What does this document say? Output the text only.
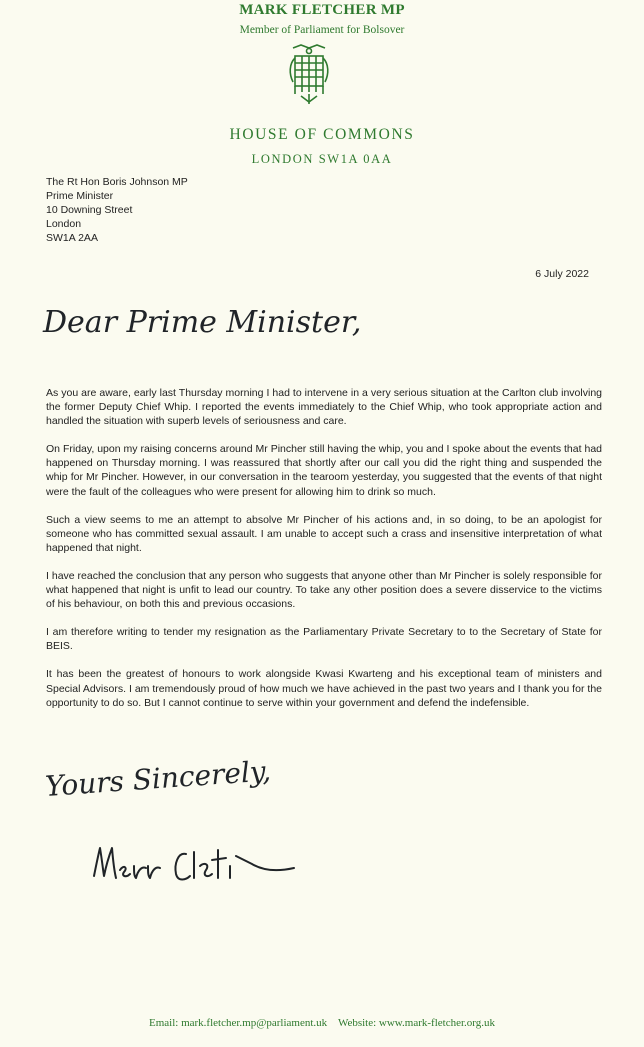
MARK FLETCHER MP
Member of Parliament for Bolsover
HOUSE OF COMMONS
LONDON SW1A 0AA
The Rt Hon Boris Johnson MP
Prime Minister
10 Downing Street
London
SW1A 2AA
6 July 2022
Dear Prime Minister,

As you are aware, early last Thursday morning I had to intervene in a very serious situation at the Carlton club involving the former Deputy Chief Whip. I reported the events immediately to the Chief Whip, who took appropriate action and handled the situation with superb levels of seriousness and care.

On Friday, upon my raising concerns around Mr Pincher still having the whip, you and I spoke about the events that had happened on Thursday morning. I was reassured that shortly after our call you did the right thing and suspended the whip for Mr Pincher. However, in our conversation in the tearoom yesterday, you suggested that the events of that night were the fault of the colleagues who were present for allowing him to drink so much.

Such a view seems to me an attempt to absolve Mr Pincher of his actions and, in so doing, to be an apologist for someone who has committed sexual assault. I am unable to accept such a crass and insensitive interpretation of what happened that night.

I have reached the conclusion that any person who suggests that anyone other than Mr Pincher is solely responsible for what happened that night is unfit to lead our country. To take any other position does a severe disservice to the victims of his behaviour, on both this and previous occasions.

I am therefore writing to tender my resignation as the Parliamentary Private Secretary to to the Secretary of State for BEIS.

It has been the greatest of honours to work alongside Kwasi Kwarteng and his exceptional team of ministers and Special Advisors. I am tremendously proud of how much we have achieved in the past two years and I thank you for the opportunity to do so. But I cannot continue to serve within your government and defend the indefensible.

Yours Sincerely,
Email: mark.fletcher.mp@parliament.uk Website: www.mark-fletcher.org.uk
